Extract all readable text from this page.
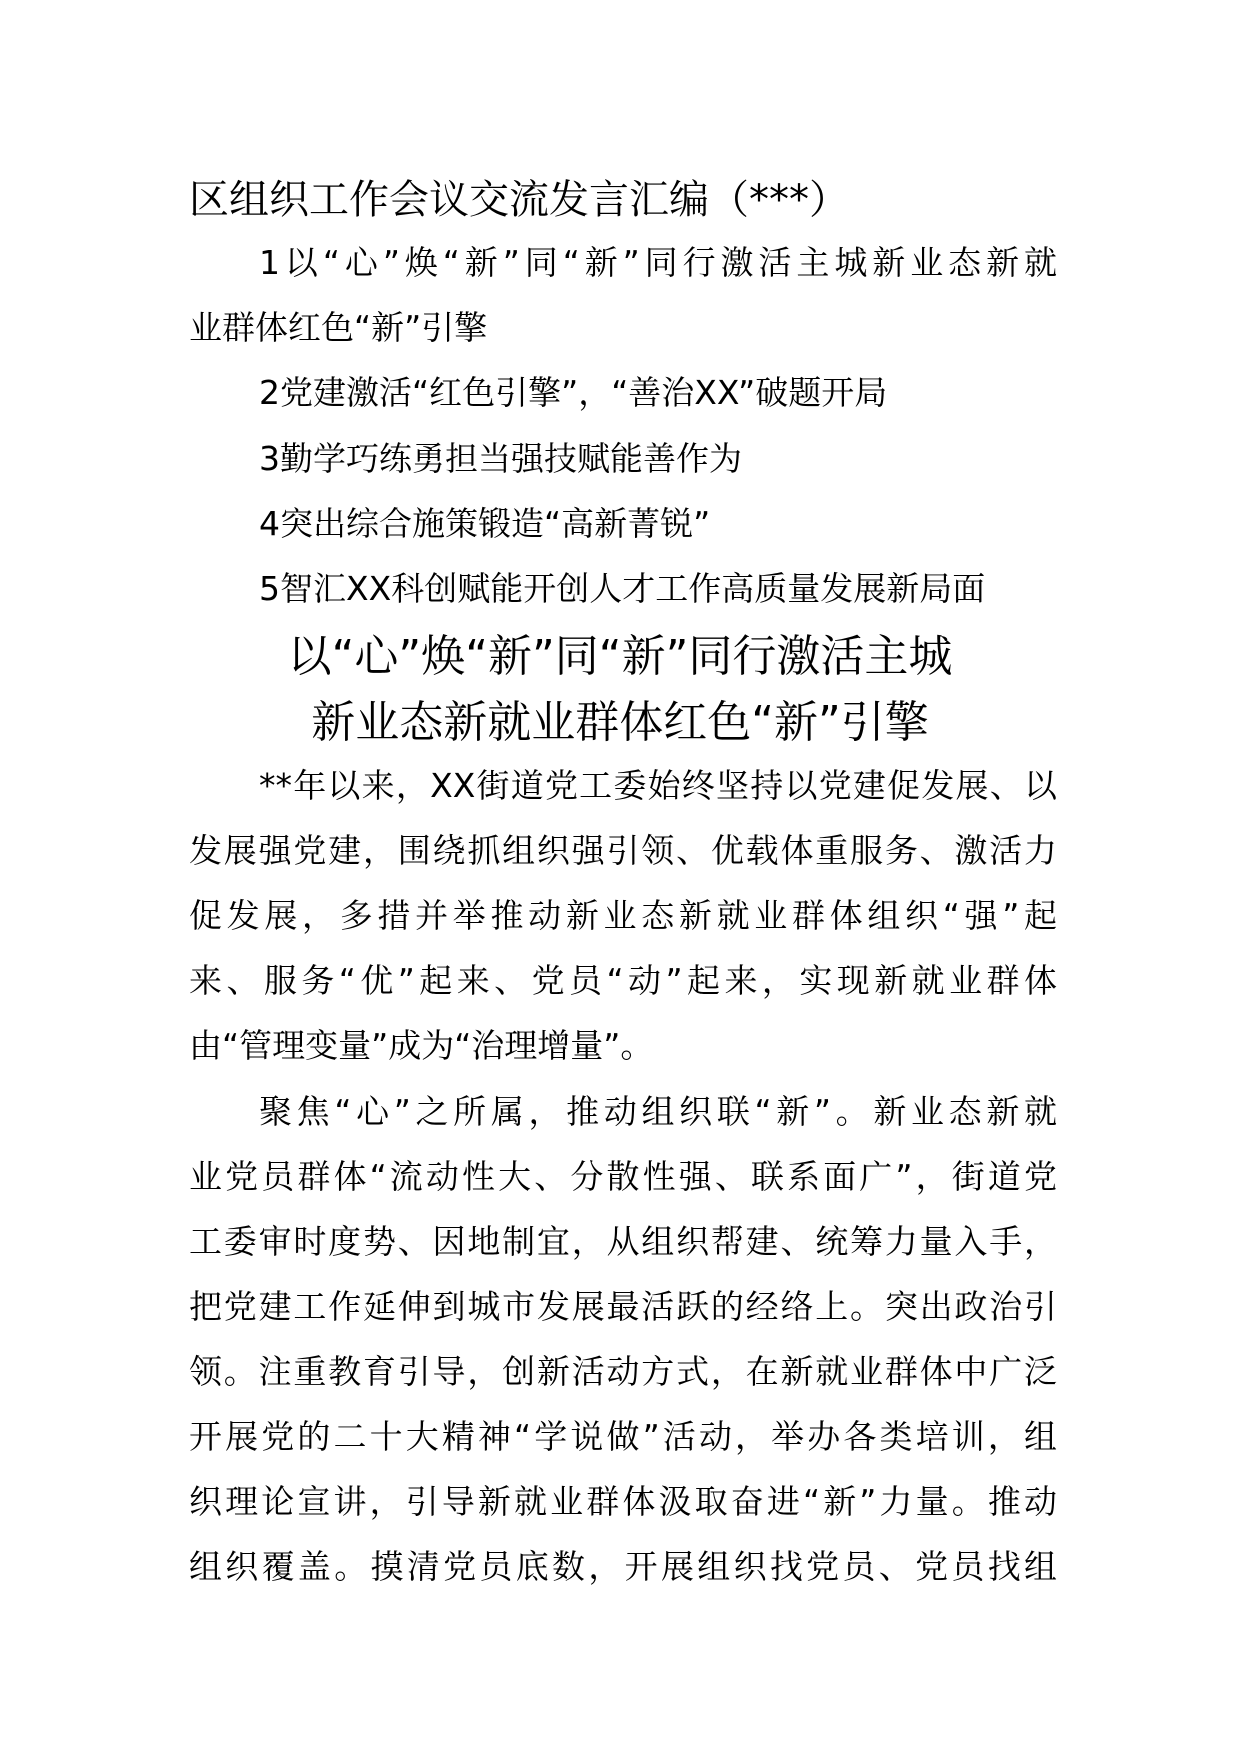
区组织工作会议交流发言汇编（***）
1以“心”焕“新”同“新”同行激活主城新业态新就
业群体红色“新”引擎
2党建激活“红色引擎”，“善治XX”破题开局
3勤学巧练勇担当强技赋能善作为
4突出综合施策锻造“高新菁锐”
5智汇XX科创赋能开创人才工作高质量发展新局面
以“心”焕“新”同“新”同行激活主城
新业态新就业群体红色“新”引擎
**年以来，XX街道党工委始终坚持以党建促发展、以
发展强党建，围绕抓组织强引领、优载体重服务、激活力
促发展，多措并举推动新业态新就业群体组织“强”起
来、服务“优”起来、党员“动”起来，实现新就业群体
由“管理变量”成为“治理增量”。
聚焦“心”之所属，推动组织联“新”。新业态新就
业党员群体“流动性大、分散性强、联系面广”，街道党
工委审时度势、因地制宜，从组织帮建、统筹力量入手，
把党建工作延伸到城市发展最活跃的经络上。突出政治引
领。注重教育引导，创新活动方式，在新就业群体中广泛
开展党的二十大精神“学说做”活动，举办各类培训，组
织理论宣讲，引导新就业群体汲取奋进“新”力量。推动
组织覆盖。摸清党员底数，开展组织找党员、党员找组
